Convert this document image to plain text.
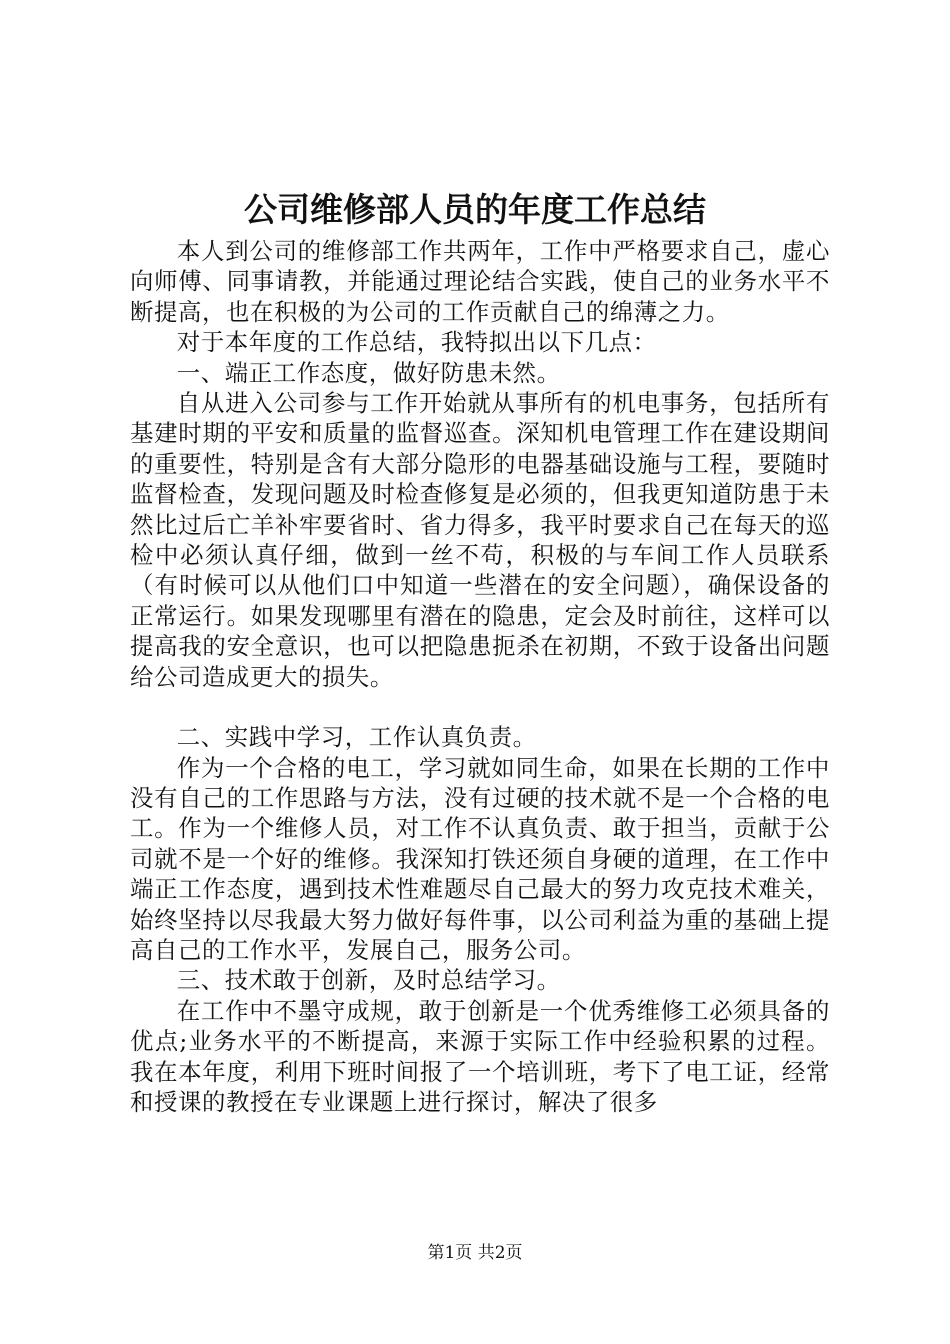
公司维修部人员的年度工作总结

本人到公司的维修部工作共两年，工作中严格要求自己，虚心向师傅、同事请教，并能通过理论结合实践，使自己的业务水平不断提高，也在积极的为公司的工作贡献自己的绵薄之力。

对于本年度的工作总结，我特拟出以下几点：

一、端正工作态度，做好防患未然。

自从进入公司参与工作开始就从事所有的机电事务，包括所有基建时期的平安和质量的监督巡查。深知机电管理工作在建设期间的重要性，特别是含有大部分隐形的电器基础设施与工程，要随时监督检查，发现问题及时检查修复是必须的，但我更知道防患于未然比过后亡羊补牢要省时、省力得多，我平时要求自己在每天的巡检中必须认真仔细，做到一丝不苟，积极的与车间工作人员联系（有时候可以从他们口中知道一些潜在的安全问题），确保设备的正常运行。如果发现哪里有潜在的隐患，定会及时前往，这样可以提高我的安全意识，也可以把隐患扼杀在初期，不致于设备出问题给公司造成更大的损失。

二、实践中学习，工作认真负责。

作为一个合格的电工，学习就如同生命，如果在长期的工作中没有自己的工作思路与方法，没有过硬的技术就不是一个合格的电工。作为一个维修人员，对工作不认真负责、敢于担当，贡献于公司就不是一个好的维修。我深知打铁还须自身硬的道理，在工作中端正工作态度，遇到技术性难题尽自己最大的努力攻克技术难关，始终坚持以尽我最大努力做好每件事，以公司利益为重的基础上提高自己的工作水平，发展自己，服务公司。

三、技术敢于创新，及时总结学习。

在工作中不墨守成规，敢于创新是一个优秀维修工必须具备的优点;业务水平的不断提高，来源于实际工作中经验积累的过程。我在本年度，利用下班时间报了一个培训班，考下了电工证，经常和授课的教授在专业课题上进行探讨，解决了很多

第1页 共2页
